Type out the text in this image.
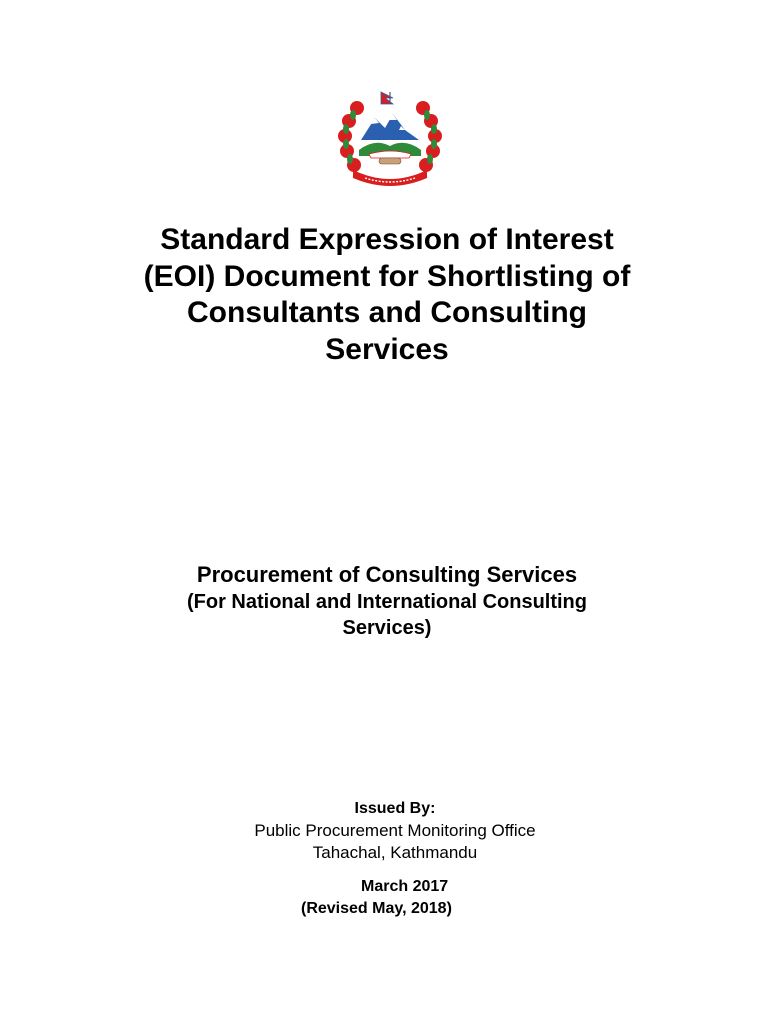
Standard Expression of Interest
(EOI) Document for Shortlisting of
Consultants and Consulting
Services
Procurement of Consulting Services
(For National and International Consulting
Services)
Issued By:
Public Procurement Monitoring Office
Tahachal, Kathmandu
March 2017
(Revised May, 2018)
